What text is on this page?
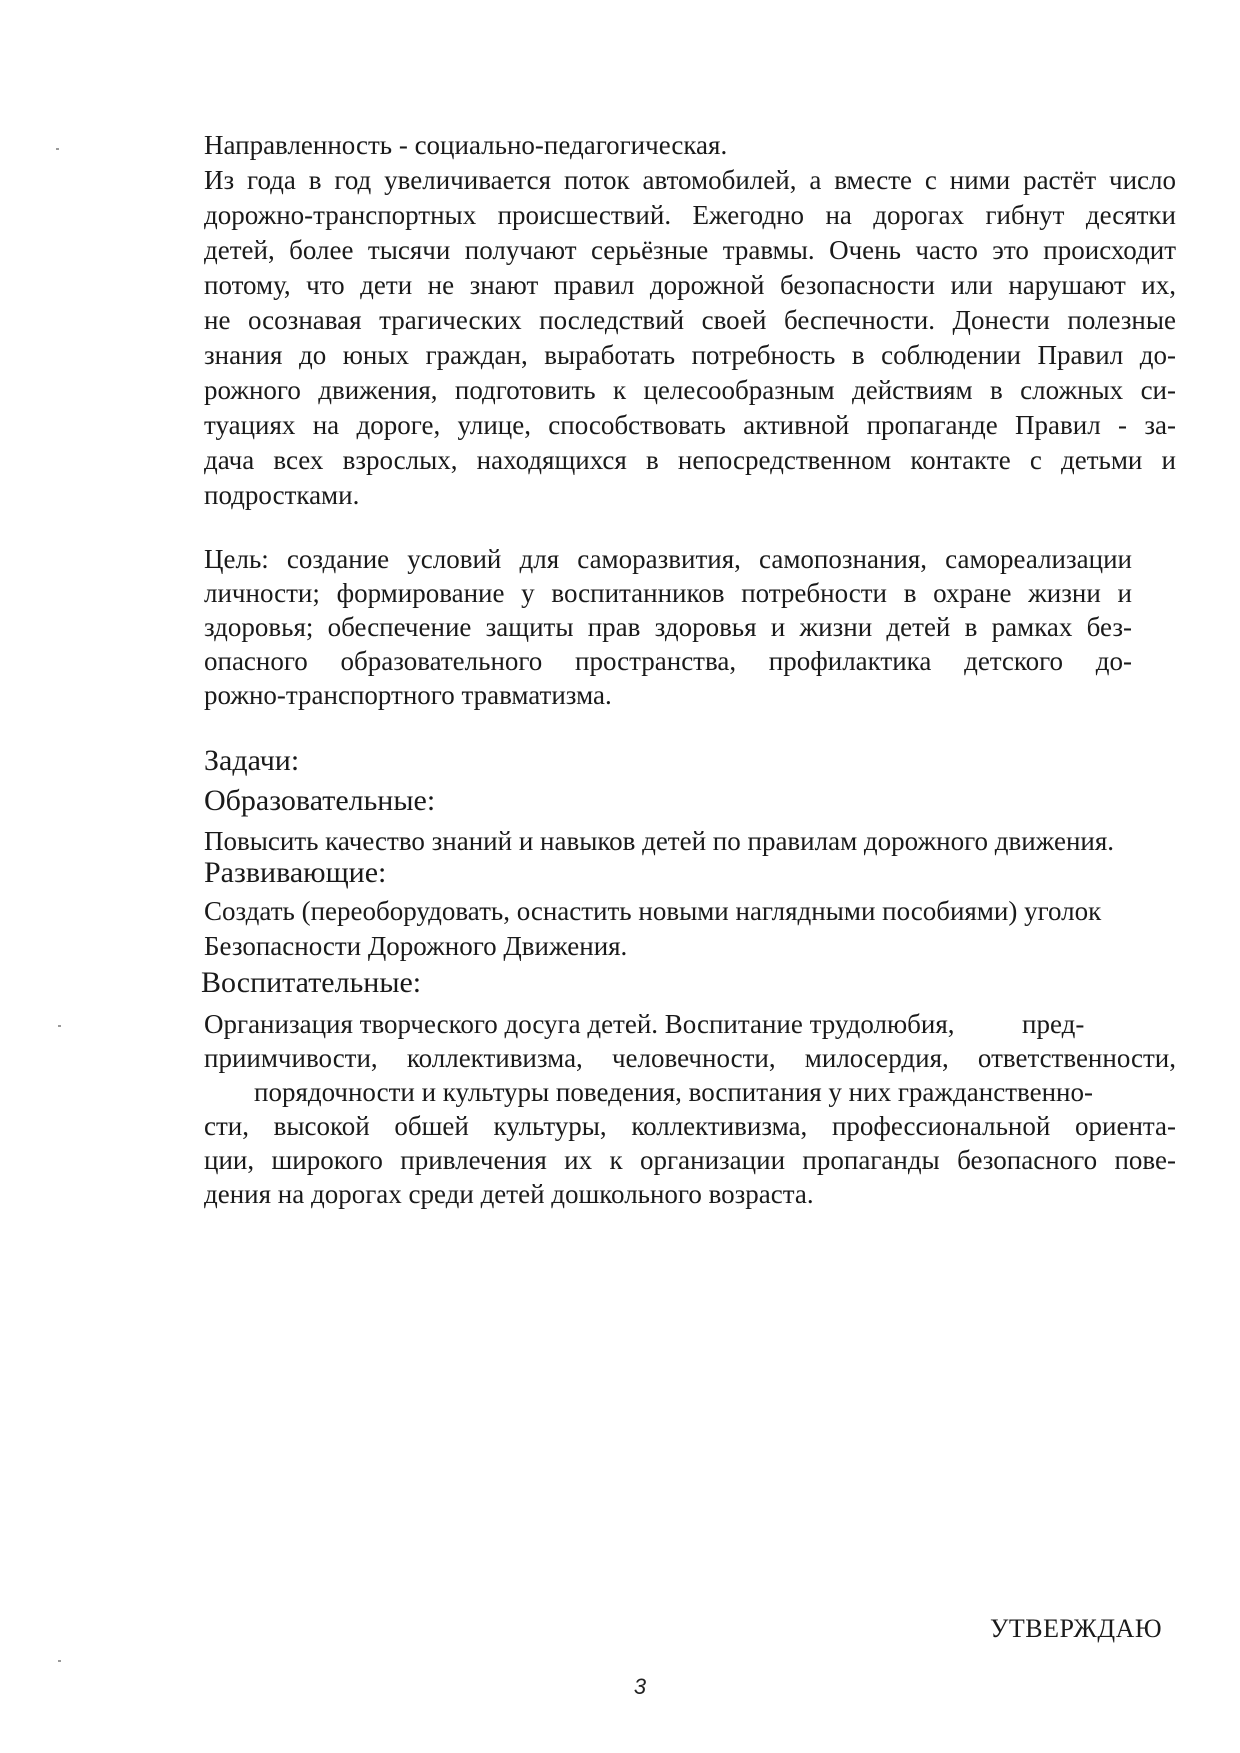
Направленность - социально-педагогическая.
Из года в год увеличивается поток автомобилей, а вместе с ними растёт число
дорожно-транспортных происшествий. Ежегодно на дорогах гибнут десятки
детей, более тысячи получают серьёзные травмы. Очень часто это происходит
потому, что дети не знают правил дорожной безопасности или нарушают их,
не осознавая трагических последствий своей беспечности. Донести полезные
знания до юных граждан, выработать потребность в соблюдении Правил до-
рожного движения, подготовить к целесообразным действиям в сложных си-
туациях на дороге, улице, способствовать активной пропаганде Правил - за-
дача всех взрослых, находящихся в непосредственном контакте с детьми и
подростками.
Цель: создание условий для саморазвития, самопознания, самореализации
личности; формирование у воспитанников потребности в охране жизни и
здоровья; обеспечение защиты прав здоровья и жизни детей в рамках без-
опасного образовательного пространства, профилактика детского до-
рожно-транспортного травматизма.
Задачи:
Образовательные:
Повысить качество знаний и навыков детей по правилам дорожного движения.
Развивающие:
Создать (переоборудовать, оснастить новыми наглядными пособиями) уголок
Безопасности Дорожного Движения.
Воспитательные:
Организация творческого досуга детей. Воспитание трудолюбия,          пред-
приимчивости, коллективизма, человечности, милосердия, ответственности,
порядочности и культуры поведения, воспитания у них гражданственно-
сти, высокой обшей культуры, коллективизма, профессиональной ориента-
ции, широкого привлечения их к организации пропаганды безопасного пове-
дения на дорогах среди детей дошкольного возраста.
УТВЕРЖДАЮ
3
